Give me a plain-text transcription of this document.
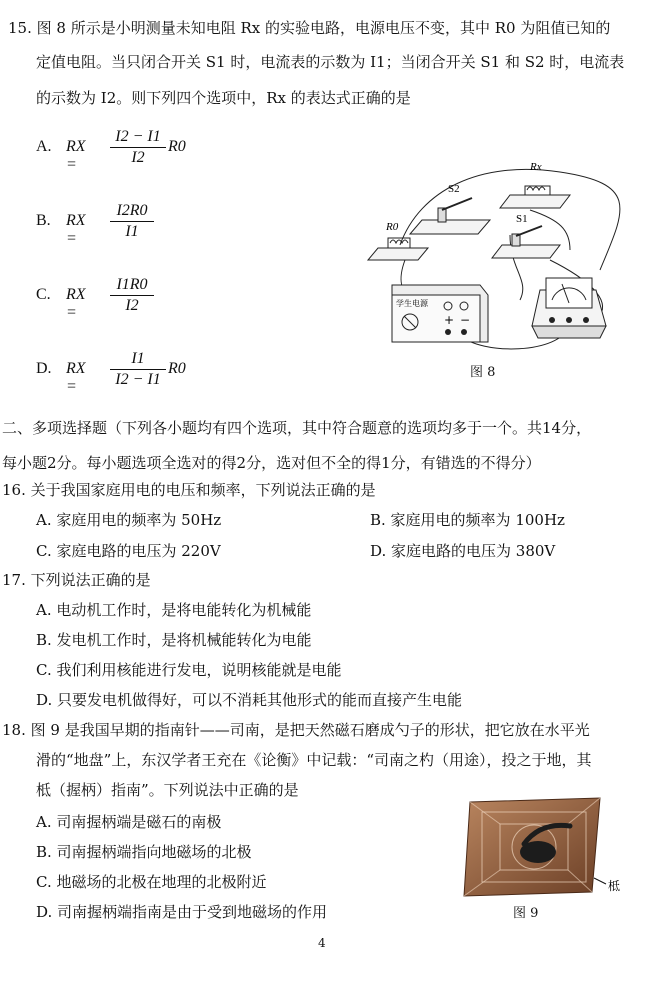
15. 图 8 所示是小明测量未知电阻 Rx 的实验电路，电源电压不变，其中 R0 为阻值已知的
定值电阻。当只闭合开关 S1 时，电流表的示数为 I1；当闭合开关 S1 和 S2 时，电流表
的示数为 I2。则下列四个选项中，Rx 的表达式正确的是
A. RX =
I2 − I1
I2
R0
B. RX =
I2R0
I1
C. RX =
I1R0
I2
D. RX =
I1
I2 − I1
R0
Rx
S2
S1
R0
学生电源
+ −
图 8
二、多项选择题（下列各小题均有四个选项，其中符合题意的选项均多于一个。共14分，
每小题2分。每小题选项全选对的得2分，选对但不全的得1分，有错选的不得分）
16. 关于我国家庭用电的电压和频率，下列说法正确的是
A. 家庭用电的频率为 50Hz	B. 家庭用电的频率为 100Hz
C. 家庭电路的电压为 220V	D. 家庭电路的电压为 380V
17. 下列说法正确的是
A. 电动机工作时，是将电能转化为机械能
B. 发电机工作时，是将机械能转化为电能
C. 我们利用核能进行发电，说明核能就是电能
D. 只要发电机做得好，可以不消耗其他形式的能而直接产生电能
18. 图 9 是我国早期的指南针——司南，是把天然磁石磨成勺子的形状，把它放在水平光
滑的“地盘”上，东汉学者王充在《论衡》中记载：“司南之杓（用途），投之于地，其
柢（握柄）指南”。下列说法中正确的是
A. 司南握柄端是磁石的南极
B. 司南握柄端指向地磁场的北极
C. 地磁场的北极在地理的北极附近
D. 司南握柄端指南是由于受到地磁场的作用
柢
图 9
4
